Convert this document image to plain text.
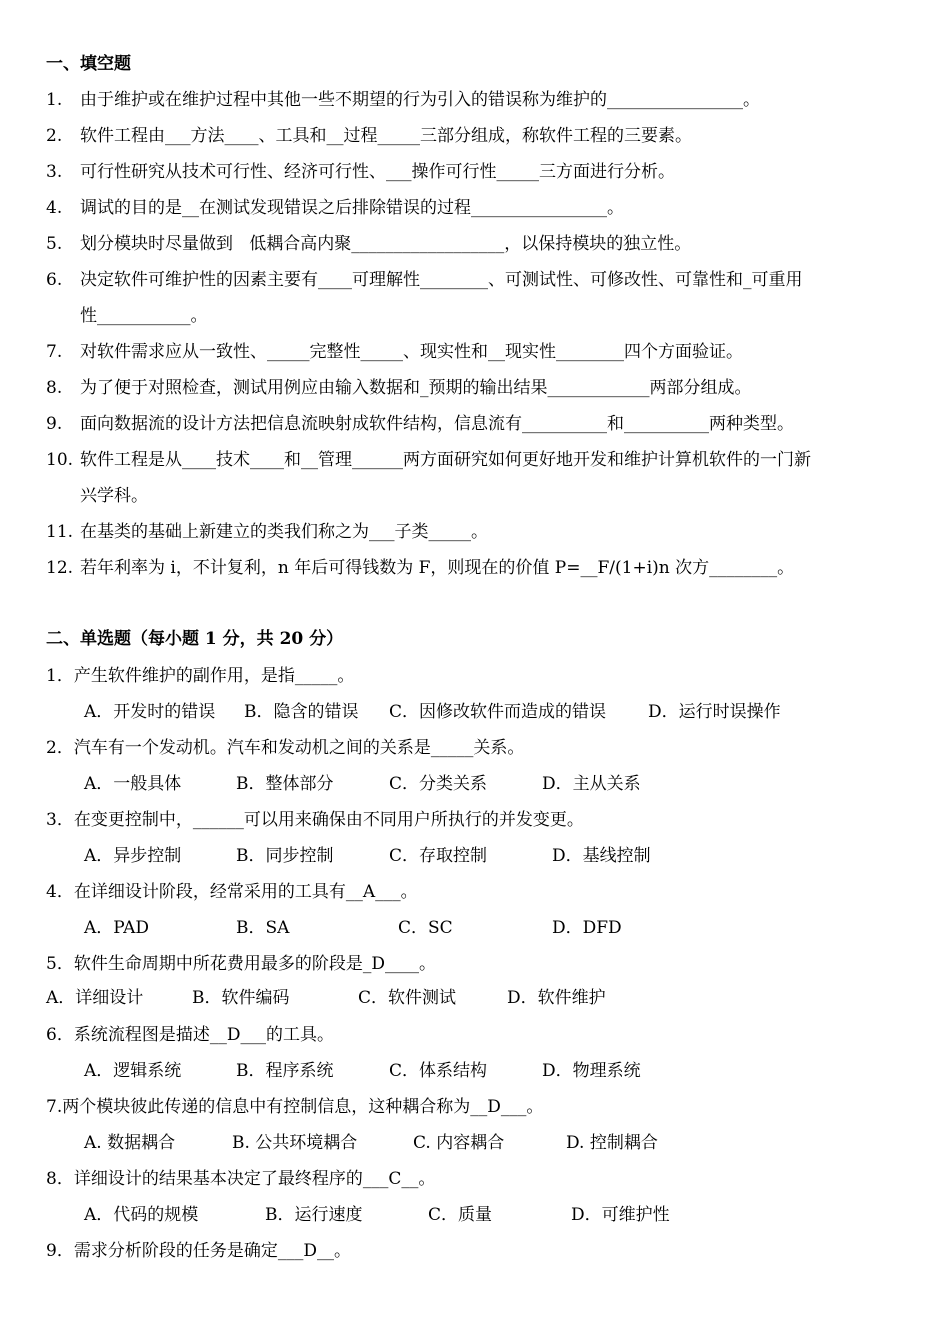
一、填空题
1. 由于维护或在维护过程中其他一些不期望的行为引入的错误称为维护的________________。
2. 软件工程由___方法____、工具和__过程_____三部分组成，称软件工程的三要素。
3. 可行性研究从技术可行性、经济可行性、___操作可行性_____三方面进行分析。
4. 调试的目的是__在测试发现错误之后排除错误的过程________________。
5. 划分模块时尽量做到   低耦合高内聚__________________，以保持模块的独立性。
6. 决定软件可维护性的因素主要有____可理解性________、可测试性、可修改性、可靠性和_可重用
性___________。
7. 对软件需求应从一致性、_____完整性_____、现实性和__现实性________四个方面验证。
8. 为了便于对照检查，测试用例应由输入数据和_预期的输出结果____________两部分组成。
9. 面向数据流的设计方法把信息流映射成软件结构，信息流有__________和__________两种类型。
10. 软件工程是从____技术____和__管理______两方面研究如何更好地开发和维护计算机软件的一门新
兴学科。
11. 在基类的基础上新建立的类我们称之为___子类_____。
12. 若年利率为 i，不计复利，n 年后可得钱数为 F，则现在的价值 P=__F/(1+i)n 次方________。
二、单选题（每小题 1 分，共 20 分）
1．产生软件维护的副作用，是指_____。
A．开发时的错误 B．隐含的错误 C．因修改软件而造成的错误 D．运行时误操作
2．汽车有一个发动机。汽车和发动机之间的关系是_____关系。
A．一般具体	B．整体部分	C．分类关系	D．主从关系
3．在变更控制中，______可以用来确保由不同用户所执行的并发变更。
A．异步控制	B．同步控制	C．存取控制	D．基线控制
4．在详细设计阶段，经常采用的工具有__A___。
A．PAD	B．SA	C．SC	D．DFD
5．软件生命周期中所花费用最多的阶段是_D____。
A．详细设计	B．软件编码	C．软件测试	D．软件维护
6．系统流程图是描述__D___的工具。
A．逻辑系统	B．程序系统	C．体系结构	D．物理系统
7.两个模块彼此传递的信息中有控制信息，这种耦合称为__D___。
A. 数据耦合	B. 公共环境耦合	C. 内容耦合	D. 控制耦合
8．详细设计的结果基本决定了最终程序的___C__。
A．代码的规模	B．运行速度	C．质量	D．可维护性
9．需求分析阶段的任务是确定___D__。
